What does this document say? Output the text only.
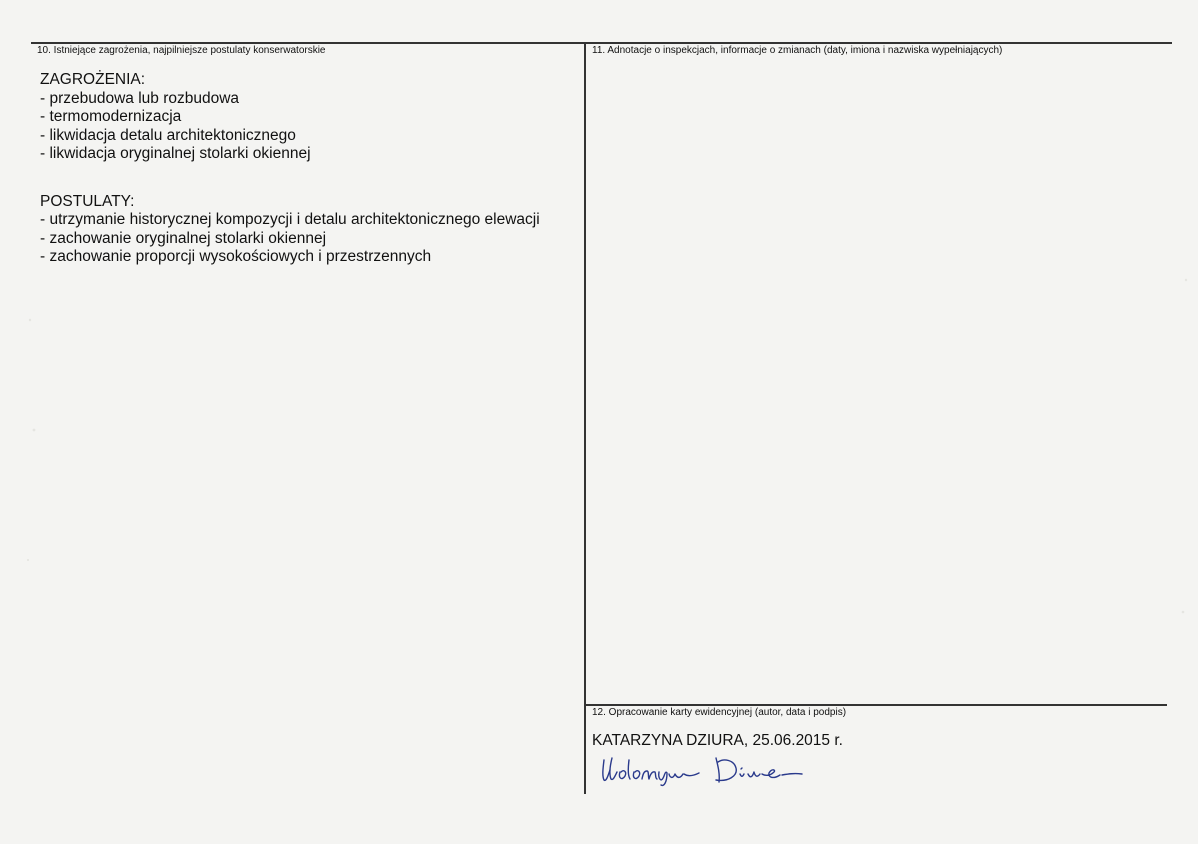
10. Istniejące zagrożenia, najpilniejsze postulaty konserwatorskie
ZAGROŻENIA:
- przebudowa lub rozbudowa
- termomodernizacja
- likwidacja detalu architektonicznego
- likwidacja oryginalnej stolarki okiennej
POSTULATY:
- utrzymanie historycznej kompozycji i detalu architektonicznego elewacji
- zachowanie oryginalnej stolarki okiennej
- zachowanie proporcji wysokościowych i przestrzennych
11. Adnotacje o inspekcjach, informacje o zmianach (daty, imiona i nazwiska wypełniających)
12. Opracowanie karty ewidencyjnej (autor, data i podpis)
KATARZYNA DZIURA, 25.06.2015 r.
